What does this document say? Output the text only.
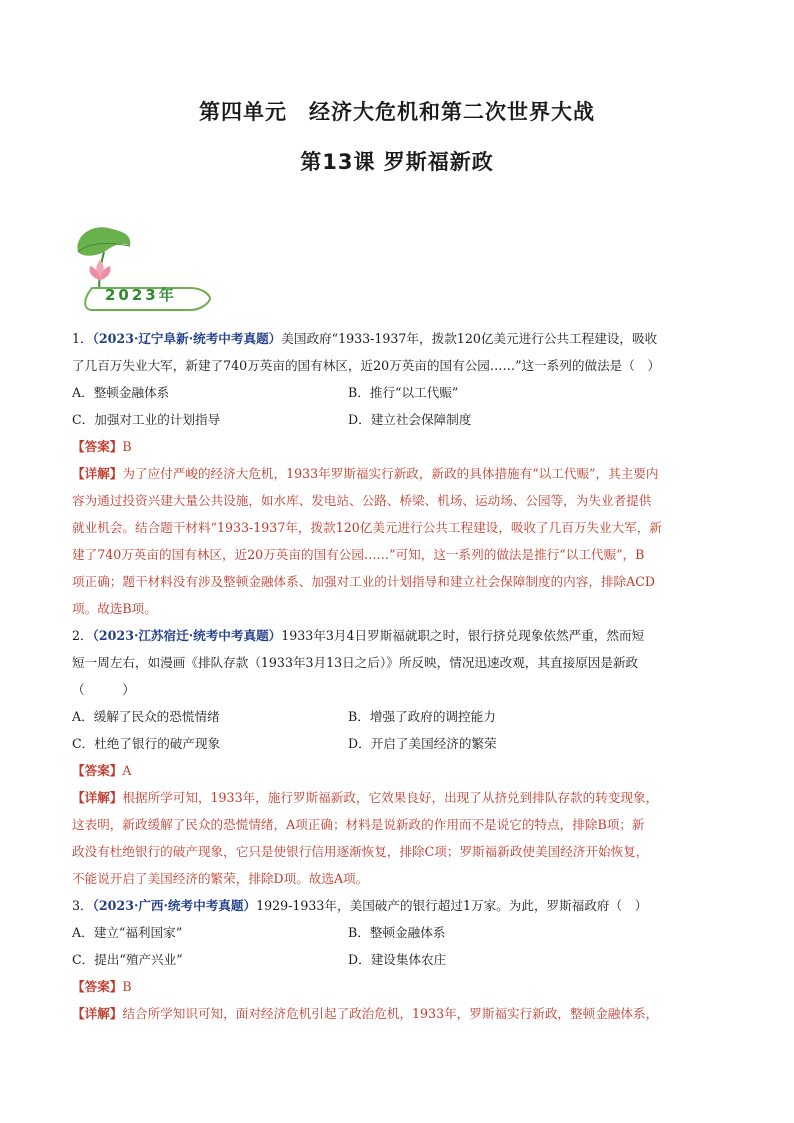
第四单元　经济大危机和第二次世界大战
第13课 罗斯福新政
2023年
1．（2023·辽宁阜新·统考中考真题）美国政府“1933-1937年，拨款120亿美元进行公共工程建设，吸收
了几百万失业大军，新建了740万英亩的国有林区，近20万英亩的国有公园……”这一系列的做法是（　）
A．整顿金融体系	B．推行“以工代赈”
C．加强对工业的计划指导	D．建立社会保障制度
【答案】B
【详解】为了应付严峻的经济大危机，1933年罗斯福实行新政，新政的具体措施有“以工代赈”，其主要内
容为通过投资兴建大量公共设施，如水库、发电站、公路、桥梁、机场、运动场、公园等，为失业者提供
就业机会。结合题干材料“1933-1937年，拨款120亿美元进行公共工程建设，吸收了几百万失业大军，新
建了740万英亩的国有林区，近20万英亩的国有公园……”可知，这一系列的做法是推行“以工代赈”，B
项正确；题干材料没有涉及整顿金融体系、加强对工业的计划指导和建立社会保障制度的内容，排除ACD
项。故选B项。
2．（2023·江苏宿迁·统考中考真题）1933年3月4日罗斯福就职之时，银行挤兑现象依然严重，然而短
短一周左右，如漫画《排队存款（1933年3月13日之后）》所反映，情况迅速改观，其直接原因是新政
（　　　）
A．缓解了民众的恐慌情绪	B．增强了政府的调控能力
C．杜绝了银行的破产现象	D．开启了美国经济的繁荣
【答案】A
【详解】根据所学可知，1933年，施行罗斯福新政，它效果良好，出现了从挤兑到排队存款的转变现象，
这表明，新政缓解了民众的恐慌情绪，A项正确；材料是说新政的作用而不是说它的特点，排除B项；新
政没有杜绝银行的破产现象，它只是使银行信用逐渐恢复，排除C项；罗斯福新政使美国经济开始恢复，
不能说开启了美国经济的繁荣，排除D项。故选A项。
3．（2023·广西·统考中考真题）1929-1933年，美国破产的银行超过1万家。为此，罗斯福政府（　）
A．建立“福利国家”	B．整顿金融体系
C．提出“殖产兴业”	D．建设集体农庄
【答案】B
【详解】结合所学知识可知，面对经济危机引起了政治危机，1933年，罗斯福实行新政，整顿金融体系，
